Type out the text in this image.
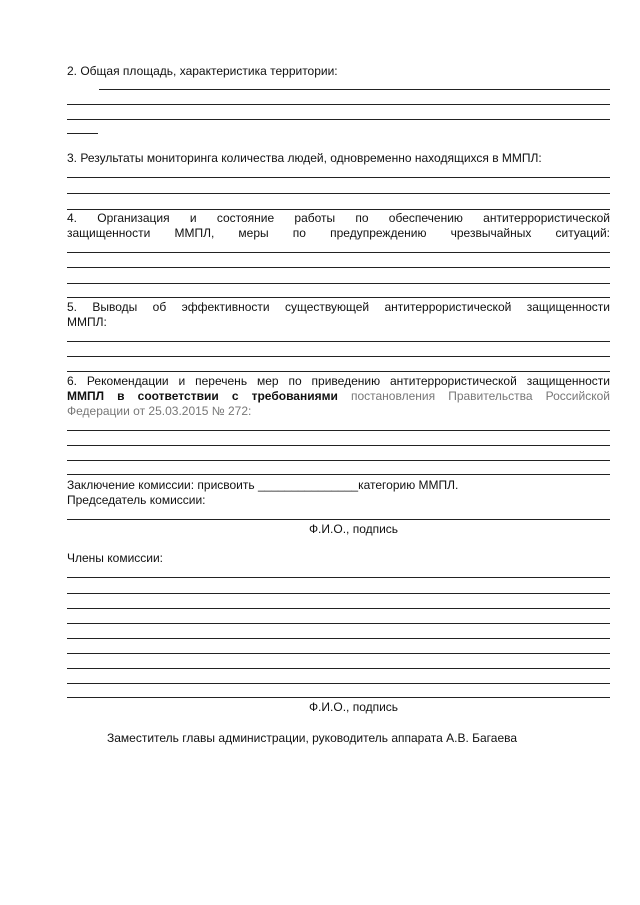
2. Общая площадь, характеристика территории:
3. Результаты мониторинга количества людей, одновременно находящихся в ММПЛ:
4. Организация и состояние работы по обеспечению антитеррористической
защищенности ММПЛ, меры по предупреждению чрезвычайных ситуаций:
5. Выводы об эффективности существующей антитеррористической защищенности
ММПЛ:
6. Рекомендации и перечень мер по приведению антитеррористической защищенности
ММПЛ в соответствии с требованиями постановления Правительства Российской
Федерации от 25.03.2015 № 272:
Заключение комиссии: присвоить _______________категорию ММПЛ.
Председатель комиссии:
Ф.И.О., подпись
Члены комиссии:
Ф.И.О., подпись
Заместитель главы администрации, руководитель аппарата А.В. Багаева
